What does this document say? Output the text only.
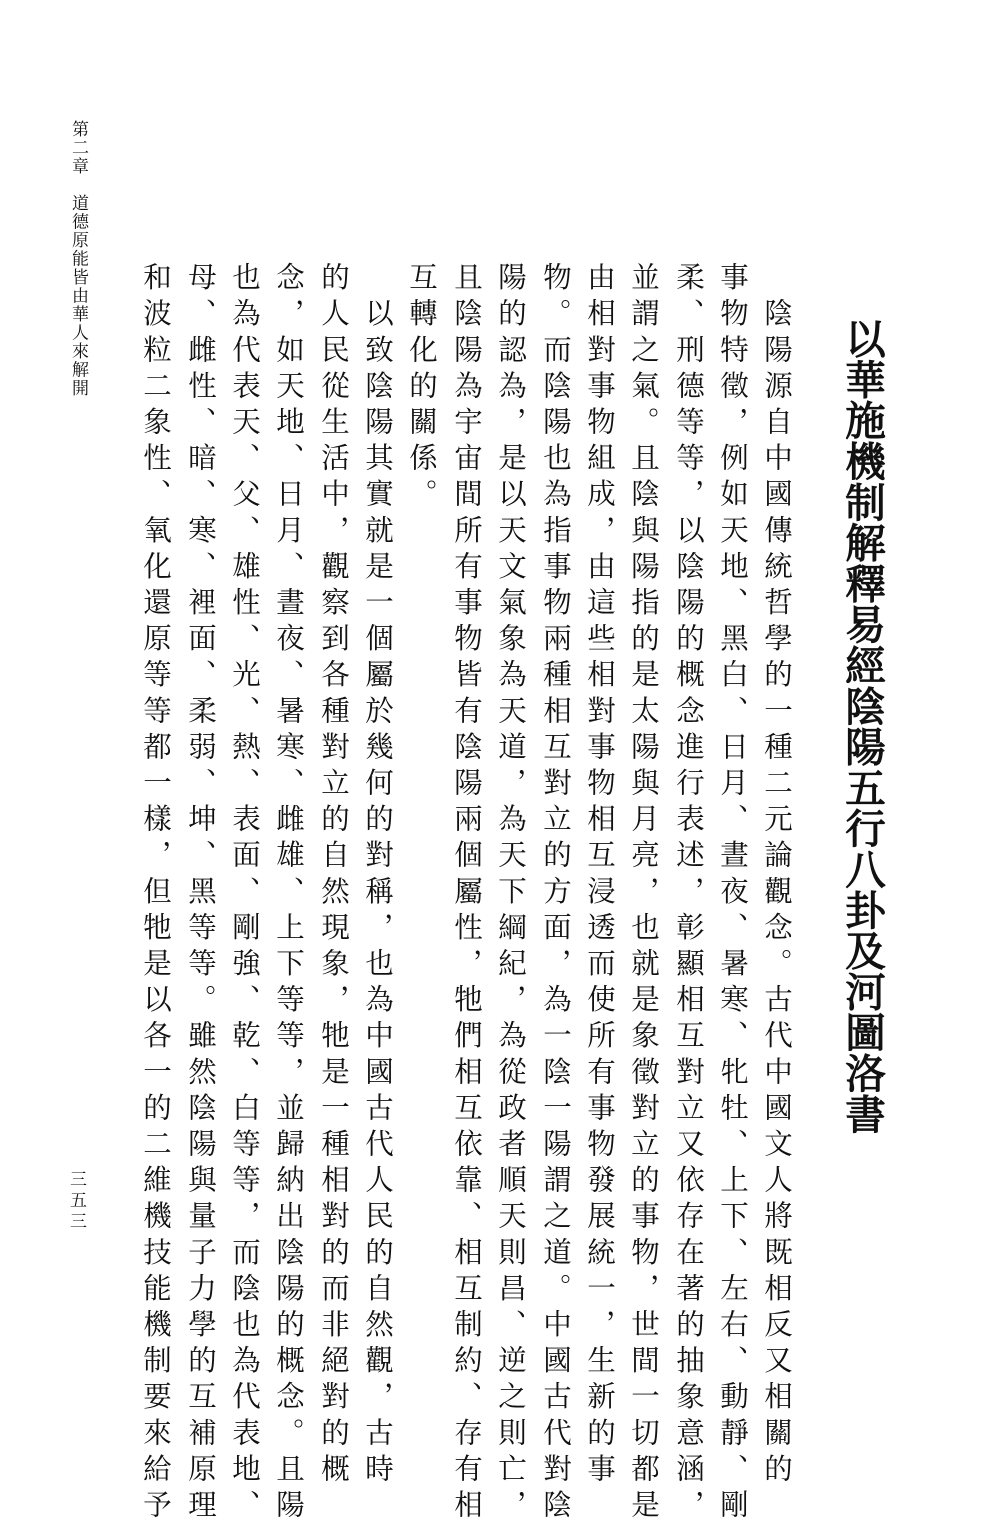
以華施機制解釋易經陰陽五行八卦及河圖洛書
　陰陽源自中國傳統哲學的一種二元論觀念。古代中國文人將既相反又相關的
事物特徵，例如天地、黑白、日月、晝夜、暑寒、牝牡、上下、左右、動靜、剛
柔、刑德等等，以陰陽的概念進行表述，彰顯相互對立又依存在著的抽象意涵，
並謂之氣。且陰與陽指的是太陽與月亮，也就是象徵對立的事物，世間一切都是
由相對事物組成，由這些相對事物相互浸透而使所有事物發展統一，生新的事
物。而陰陽也為指事物兩種相互對立的方面，為一陰一陽謂之道。中國古代對陰
陽的認為，是以天文氣象為天道，為天下綱紀，為從政者順天則昌、逆之則亡，
且陰陽為宇宙間所有事物皆有陰陽兩個屬性，牠們相互依靠、相互制約、存有相
互轉化的關係。
　以致陰陽其實就是一個屬於幾何的對稱，也為中國古代人民的自然觀，古時
的人民從生活中，觀察到各種對立的自然現象，牠是一種相對的而非絕對的概
念，如天地、日月、晝夜、暑寒、雌雄、上下等等，並歸納出陰陽的概念。且陽
也為代表天、父、雄性、光、熱、表面、剛強、乾、白等等，而陰也為代表地、
母、雌性、暗、寒、裡面、柔弱、坤、黑等等。雖然陰陽與量子力學的互補原理
和波粒二象性、氧化還原等等都一樣，但牠是以各一的二維機技能機制要來給予
第二章　道德原能皆由華人來解開
三五三
